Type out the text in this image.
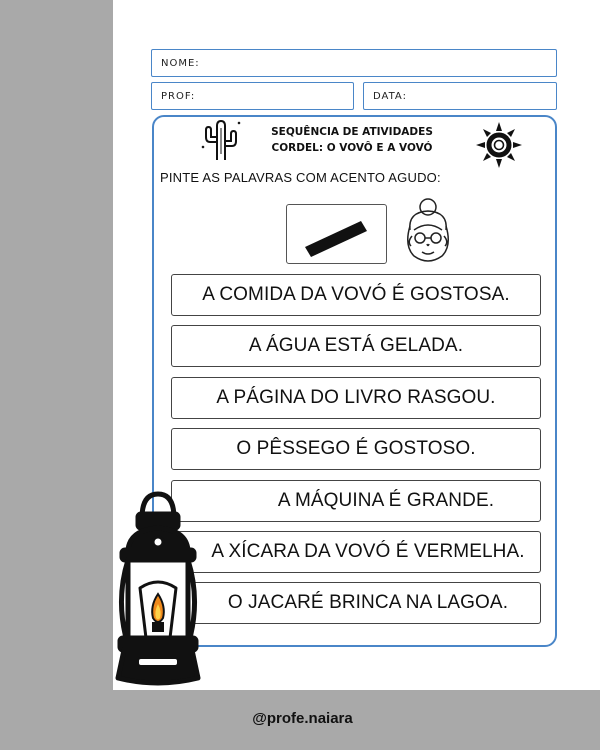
NOME:
PROF:	DATA:
SEQUÊNCIA DE ATIVIDADES
CORDEL: O VOVÔ E A VOVÓ
PINTE AS PALAVRAS COM ACENTO AGUDO:
A COMIDA DA VOVÓ É GOSTOSA.
A ÁGUA ESTÁ GELADA.
A PÁGINA DO LIVRO RASGOU.
O PÊSSEGO É GOSTOSO.
A MÁQUINA É GRANDE.
A XÍCARA DA VOVÓ É VERMELHA.
O JACARÉ BRINCA NA LAGOA.
@profe.naiara
